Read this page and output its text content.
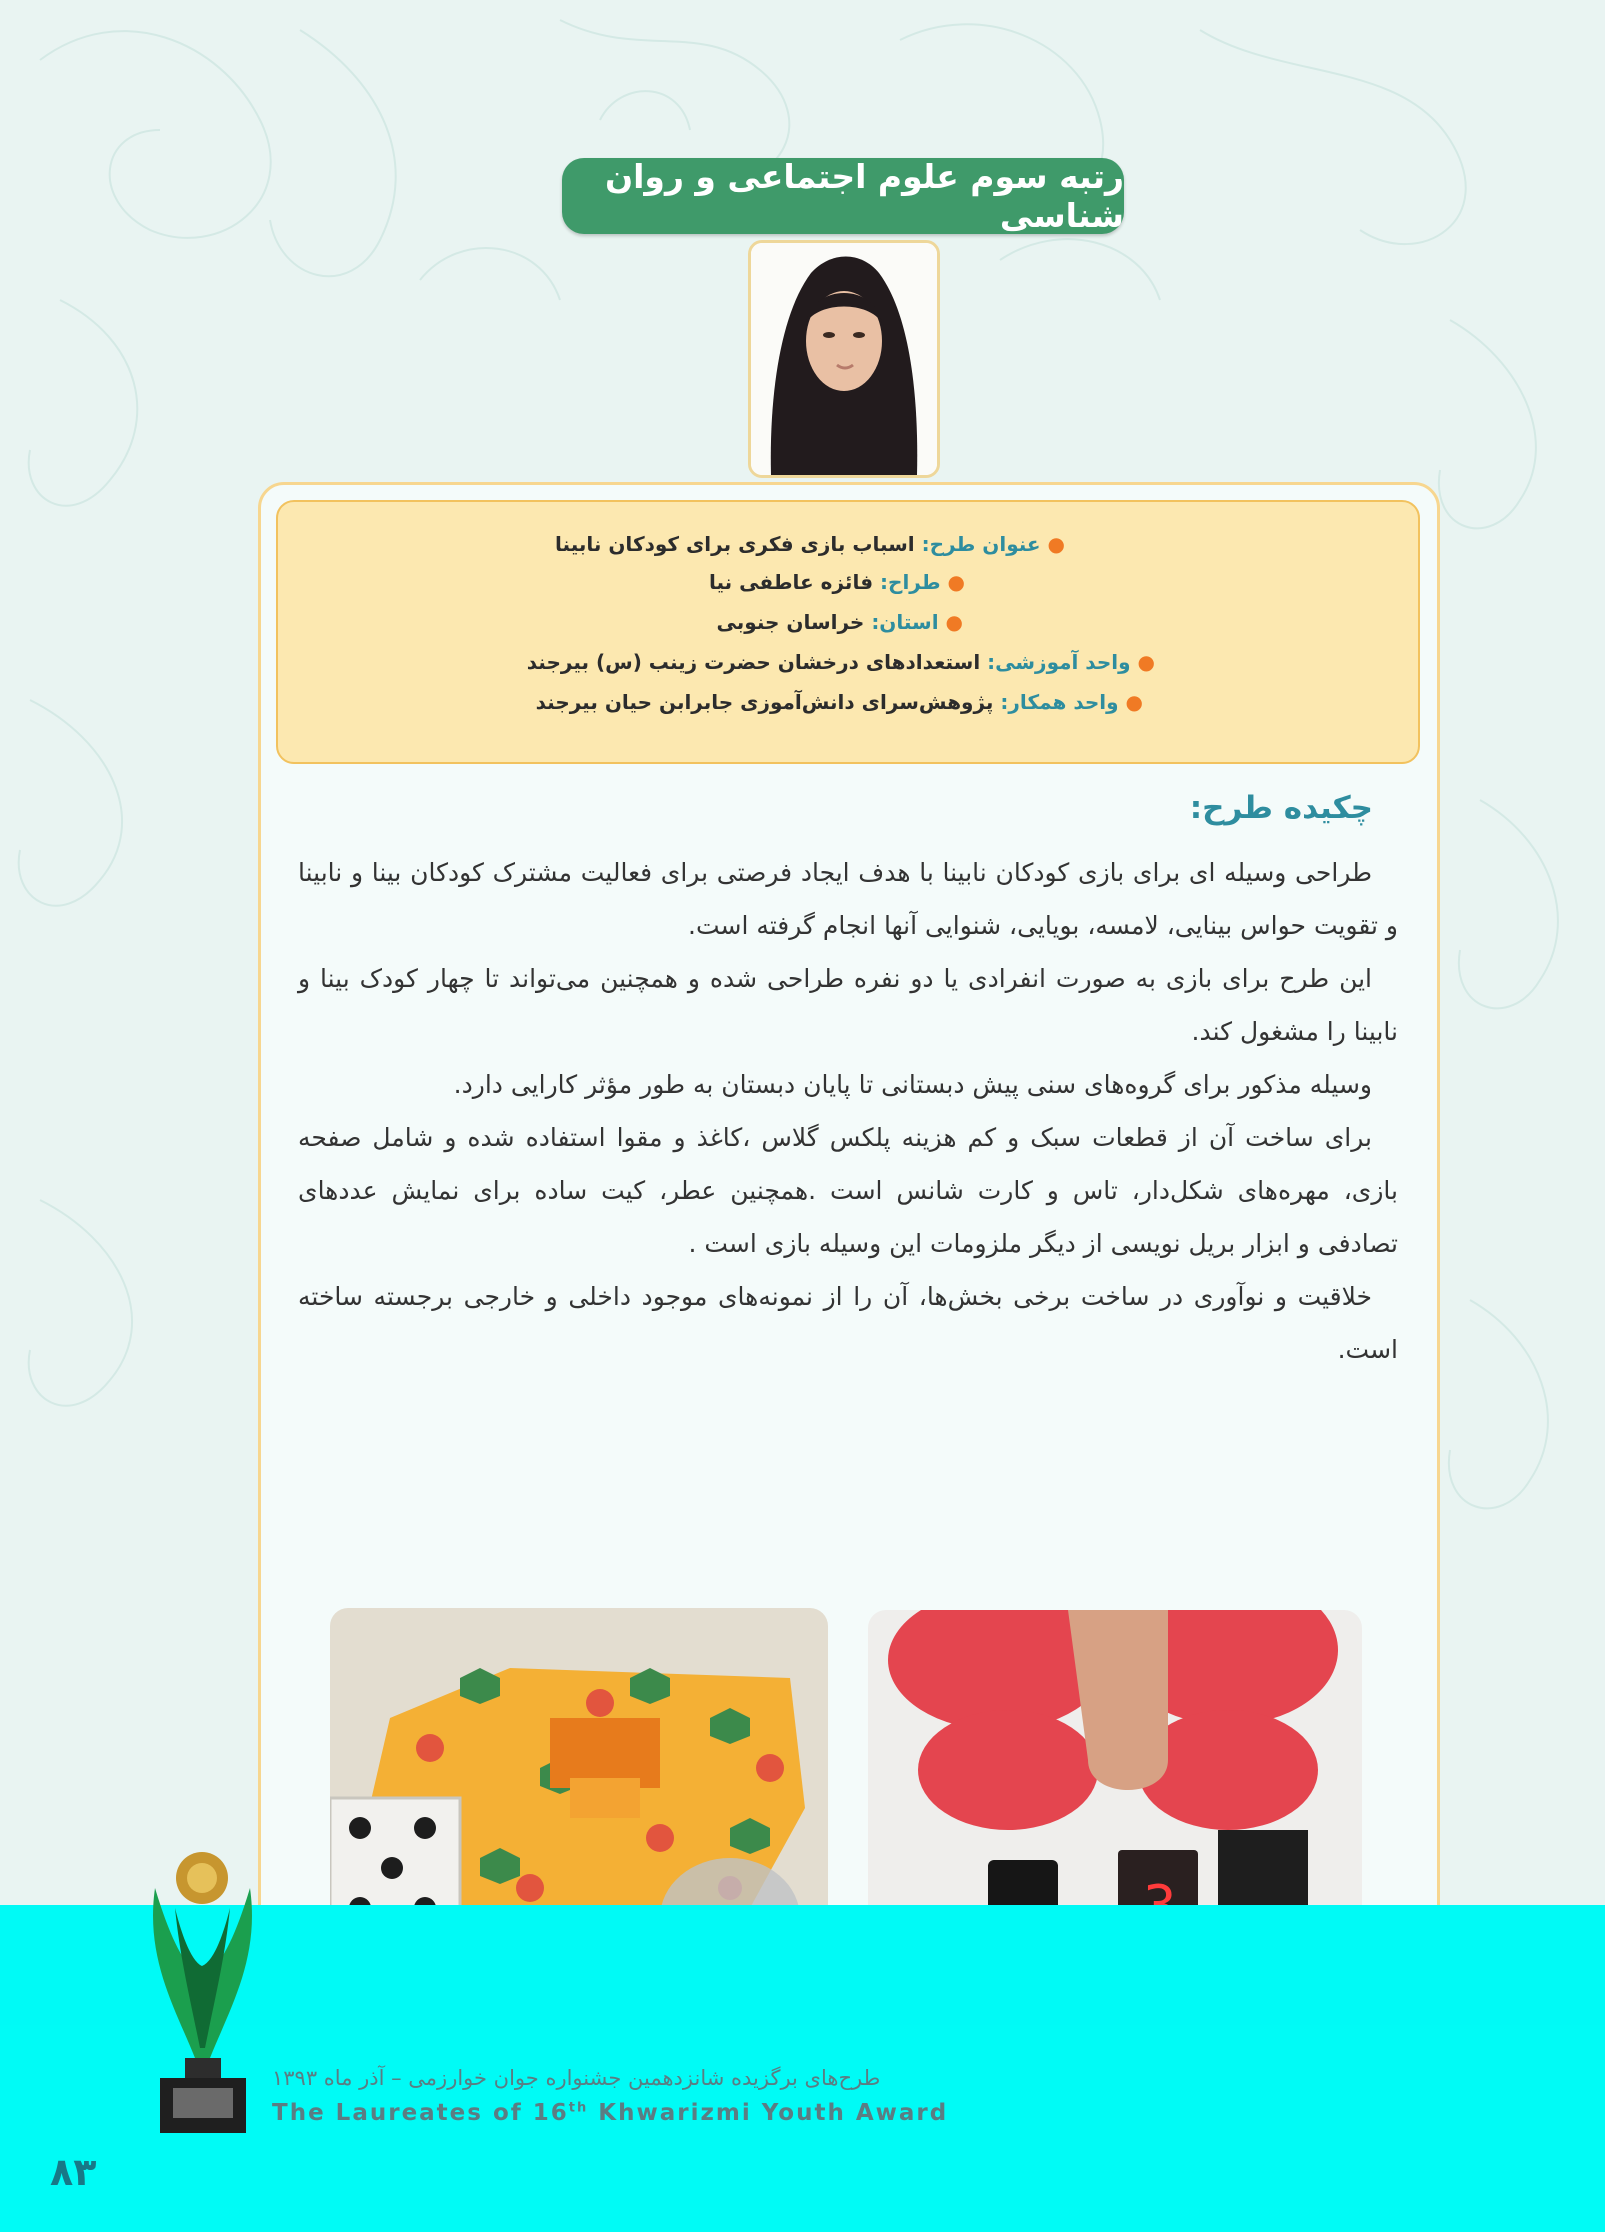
رتبه سوم علوم اجتماعی و روان شناسی
● عنوان طرح: اسباب بازی فکری برای کودکان نابینا
● طراح: فائزه عاطفی نیا
● استان: خراسان جنوبی
● واحد آموزشی: استعدادهای درخشان حضرت زینب (س) بیرجند
● واحد همکار: پژوهش‌سرای دانش‌آموزی جابرابن حیان بیرجند
چکیده طرح:

طراحی وسیله ای برای بازی کودکان نابینا با هدف ایجاد فرصتی برای فعالیت مشترک کودکان بینا و نابینا و تقویت حواس بینایی، لامسه، بویایی، شنوایی آنها انجام گرفته است.

این طرح برای بازی به صورت انفرادی یا دو نفره طراحی شده و همچنین می‌تواند تا چهار کودک بینا و نابینا را مشغول کند.

وسیله مذکور برای گروه‌های سنی پیش دبستانی تا پایان دبستان به طور مؤثر کارایی دارد.

برای ساخت آن از قطعات سبک و کم هزینه پلکس گلاس ،کاغذ و مقوا استفاده شده و شامل صفحه بازی، مهره‌های شکل‌دار، تاس و کارت شانس است .همچنین عطر، کیت ساده برای نمایش عددهای تصادفی و ابزار بریل نویسی از دیگر ملزومات این وسیله بازی است .

خلاقیت و نوآوری در ساخت برخی بخش‌ها، آن را از نمونه‌های موجود داخلی و خارجی برجسته ساخته است.

طرح‌های برگزیده شانزدهمین جشنواره جوان خوارزمی – آذر ماه ۱۳۹۳
The Laureates of 16th Khwarizmi Youth Award
۸۳
